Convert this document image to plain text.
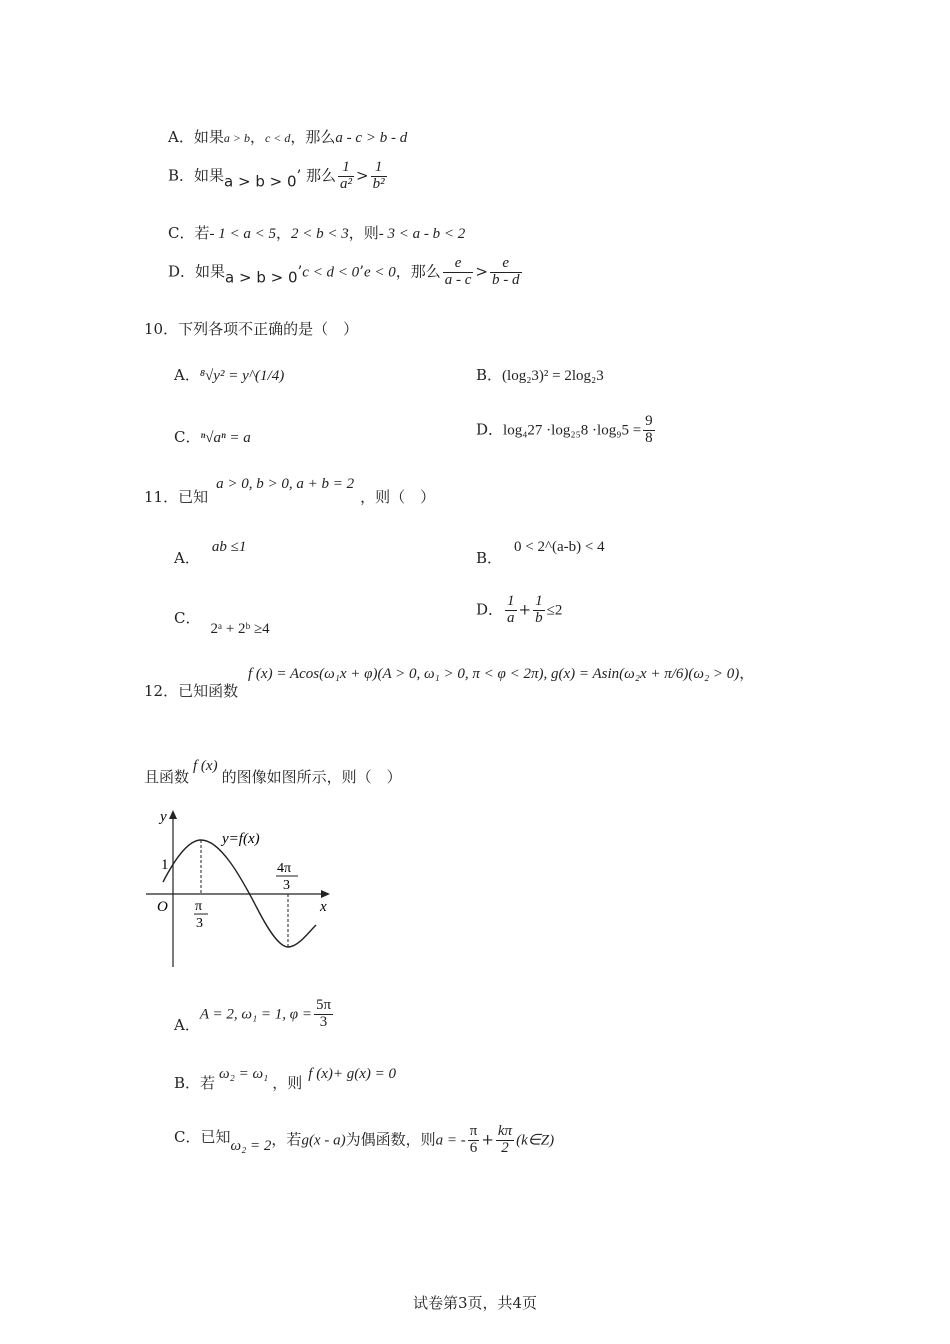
A．如果a > b，c < d，那么a - c > b - d
B．如果a > b > 0’ 那么 $\frac{1}{\text{a²}} > \frac{1}{\text{b²}}$
C．若- 1 < a < 5，2 < b < 3，则- 3 < a - b < 2
D．如果a > b > 0’c < d < 0’e < 0，那么 $\frac{e}{a - c} > \frac{e}{b - d}$
10．下列各项不正确的是（　）
A．⁸√y² = y^(1/4)	B．(log₂3)² = 2log₂3
C．ⁿ√aⁿ = a	D．$\log_427 \cdot\log_{25}8 \cdot\log_95 = \frac{9}{8}$
11．已知a > 0, b > 0, a + b = 2，则（　）
A．ab ≤1
B．0 < 2^(a-b) < 4
C．2ᵃ + 2ᵇ ≥4
D． $\frac{1}{a} + \frac{1}{b} \le 2$
12．已知函数
f (x) = Acos(ω₁x + φ)(A > 0, ω₁ > 0, π < φ < 2π), g(x) = Asin(ω₂x + π/6)(ω₂ > 0)，
且函数f (x)的图像如图所示，则（　）
y
x
O
y=f(x)
1
π
3
4π
3
A．A = 2, ω₁ = 1, $\varphi = \frac{5\pi}{3}$
B．若 ω₂ = ω₁ ，则 f (x)+ g(x) = 0
C．已知ω₂ = 2，若g(x - a)为偶函数，则a = - $\frac{\pi}{6} + \frac{k\pi}{2}$ (k∈Z)
试卷第3页，共4页
